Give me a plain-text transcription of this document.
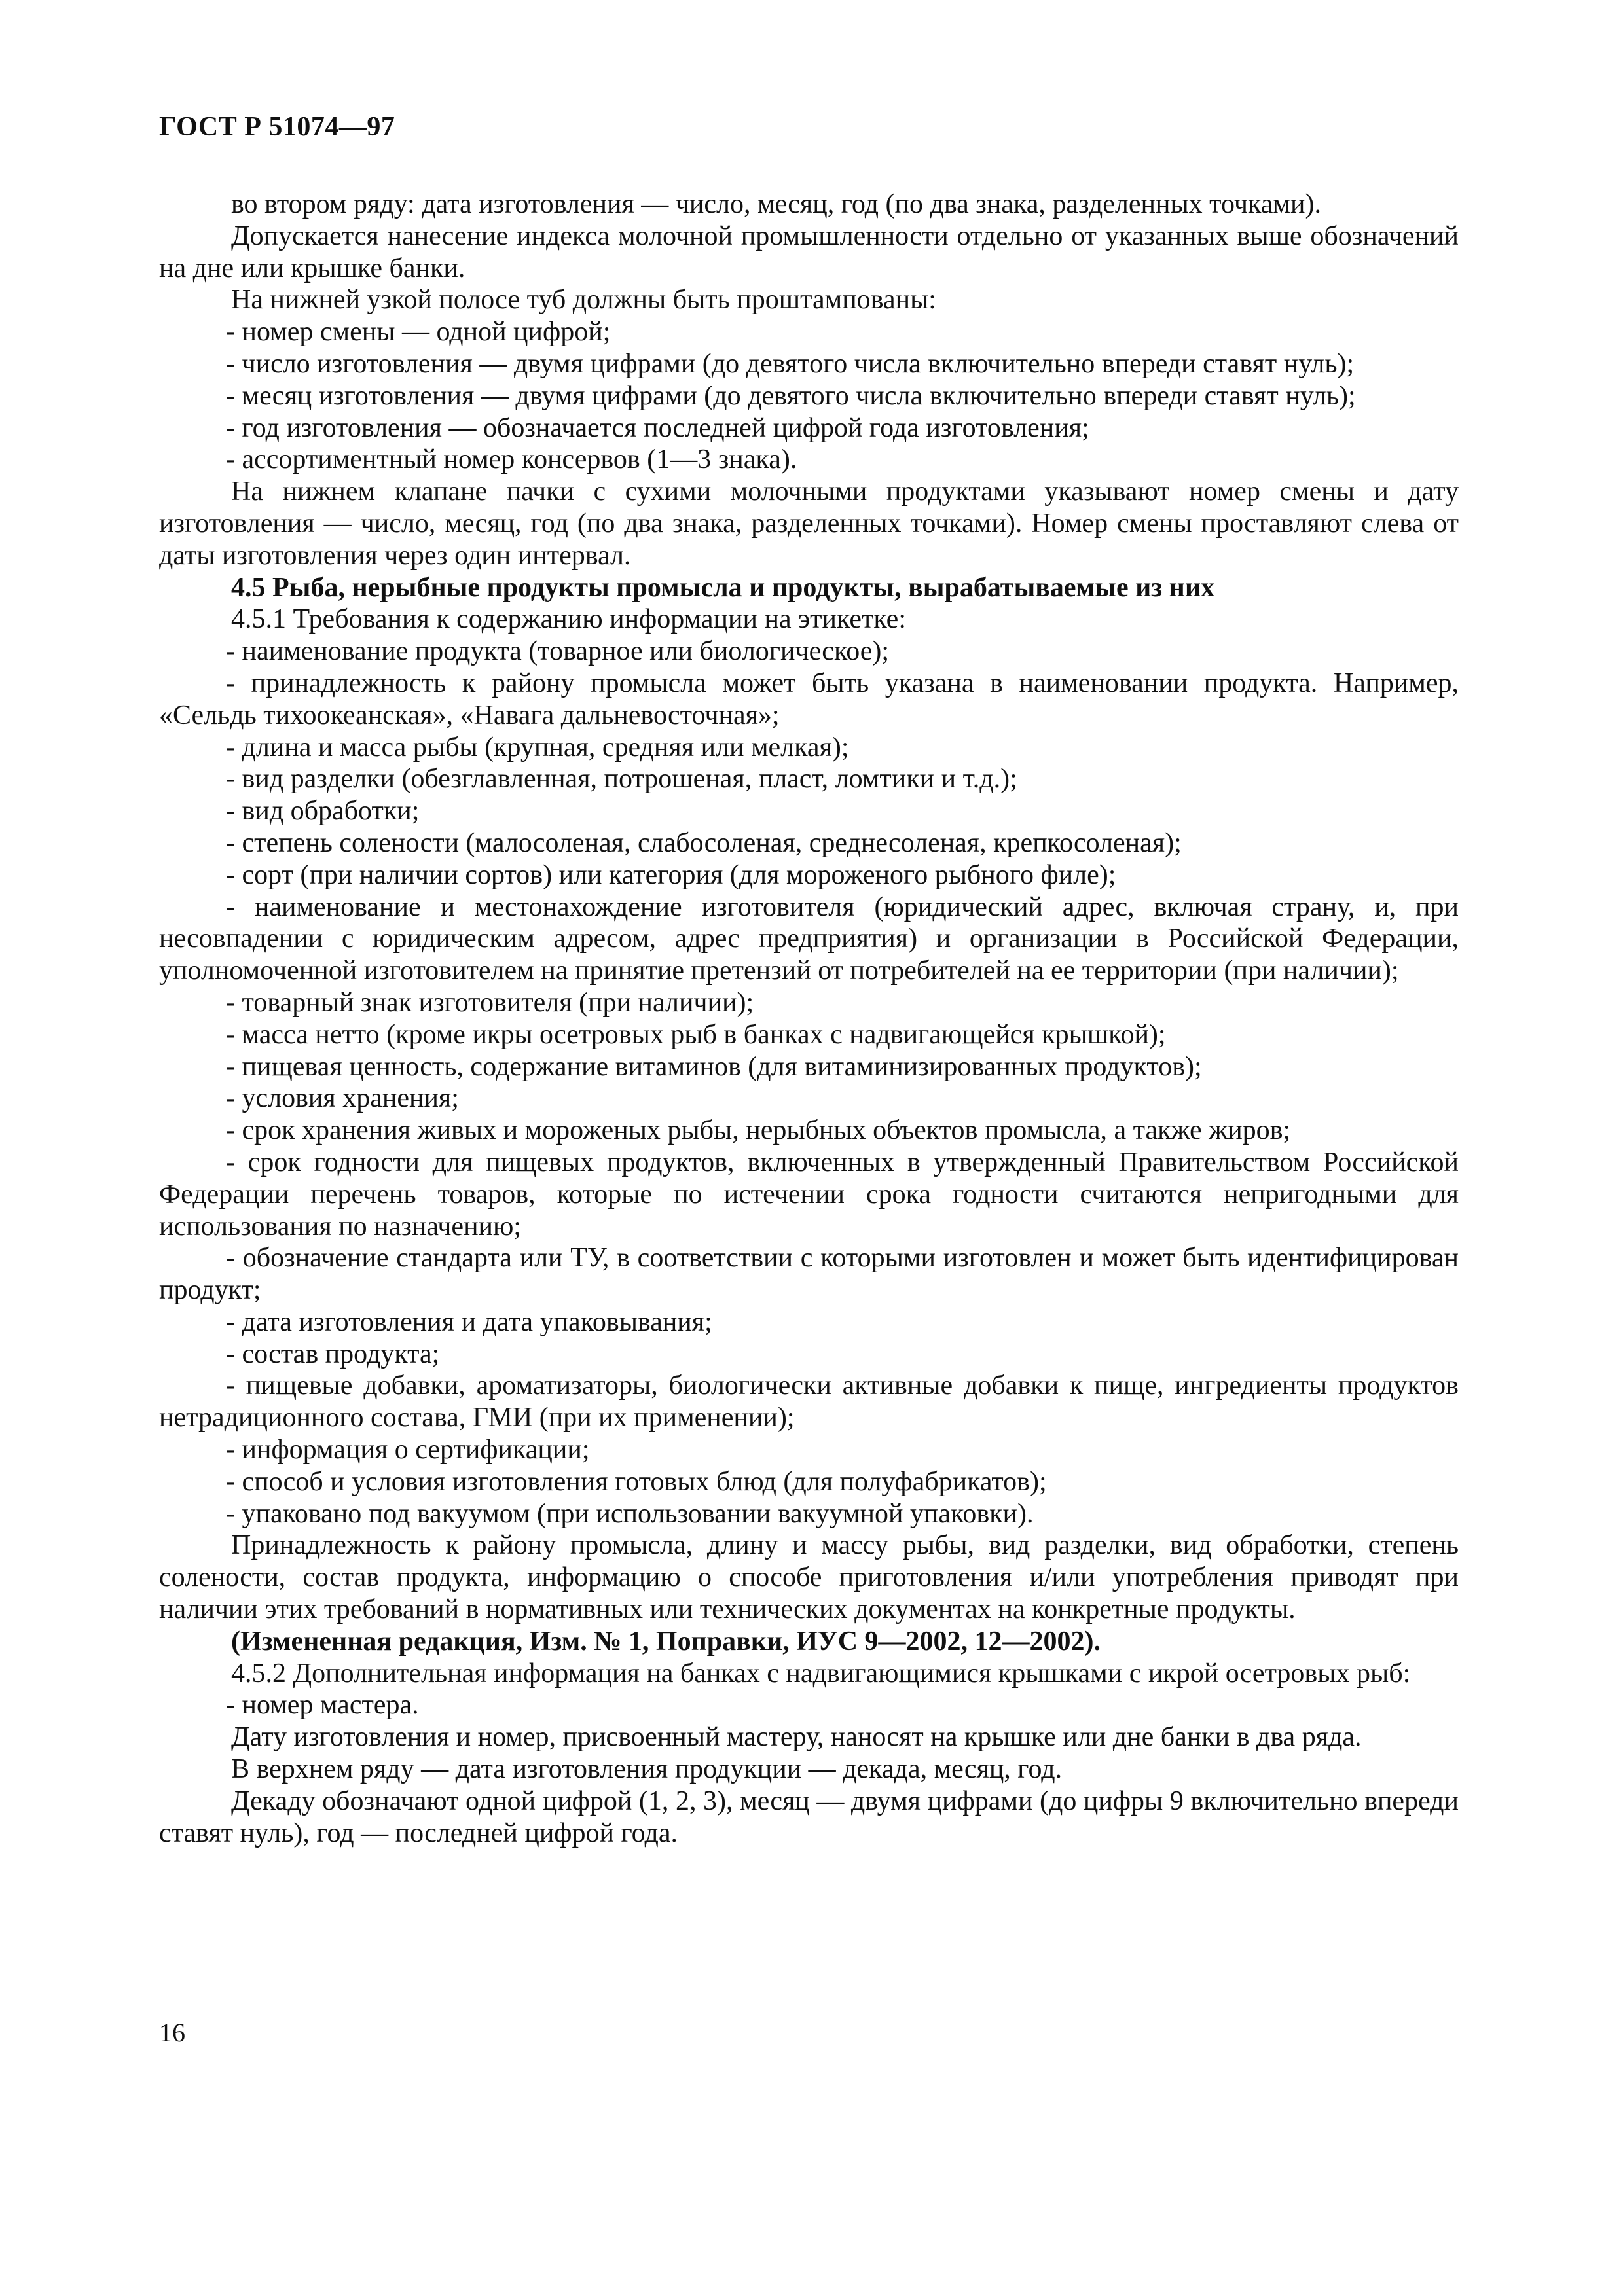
ГОСТ Р 51074—97

во втором ряду: дата изготовления — число, месяц, год (по два знака, разделенных точками).

Допускается нанесение индекса молочной промышленности отдельно от указанных выше обозначений на дне или крышке банки.

На нижней узкой полосе туб должны быть проштампованы:

- номер смены — одной цифрой;

- число изготовления — двумя цифрами (до девятого числа включительно впереди ставят нуль);

- месяц изготовления — двумя цифрами (до девятого числа включительно впереди ставят нуль);

- год изготовления — обозначается последней цифрой года изготовления;

- ассортиментный номер консервов (1—3 знака).

На нижнем клапане пачки с сухими молочными продуктами указывают номер смены и дату изготовления — число, месяц, год (по два знака, разделенных точками). Номер смены проставляют слева от даты изготовления через один интервал.

4.5 Рыба, нерыбные продукты промысла и продукты, вырабатываемые из них

4.5.1 Требования к содержанию информации на этикетке:

- наименование продукта (товарное или биологическое);

- принадлежность к району промысла может быть указана в наименовании продукта. Например, «Сельдь тихоокеанская», «Навага дальневосточная»;

- длина и масса рыбы (крупная, средняя или мелкая);

- вид разделки (обезглавленная, потрошеная, пласт, ломтики и т.д.);

- вид обработки;

- степень солености (малосоленая, слабосоленая, среднесоленая, крепкосоленая);

- сорт (при наличии сортов) или категория (для мороженого рыбного филе);

- наименование и местонахождение изготовителя (юридический адрес, включая страну, и, при несовпадении с юридическим адресом, адрес предприятия) и организации в Российской Федерации, уполномоченной изготовителем на принятие претензий от потребителей на ее территории (при наличии);

- товарный знак изготовителя (при наличии);

- масса нетто (кроме икры осетровых рыб в банках с надвигающейся крышкой);

- пищевая ценность, содержание витаминов (для витаминизированных продуктов);

- условия хранения;

- срок хранения живых и мороженых рыбы, нерыбных объектов промысла, а также жиров;

- срок годности для пищевых продуктов, включенных в утвержденный Правительством Российской Федерации перечень товаров, которые по истечении срока годности считаются непригодными для использования по назначению;

- обозначение стандарта или ТУ, в соответствии с которыми изготовлен и может быть идентифицирован продукт;

- дата изготовления и дата упаковывания;

- состав продукта;

- пищевые добавки, ароматизаторы, биологически активные добавки к пище, ингредиенты продуктов нетрадиционного состава, ГМИ (при их применении);

- информация о сертификации;

- способ и условия изготовления готовых блюд (для полуфабрикатов);

- упаковано под вакуумом (при использовании вакуумной упаковки).

Принадлежность к району промысла, длину и массу рыбы, вид разделки, вид обработки, степень солености, состав продукта, информацию о способе приготовления и/или употребления приводят при наличии этих требований в нормативных или технических документах на конкретные продукты.

(Измененная редакция, Изм. № 1, Поправки, ИУС 9—2002, 12—2002).

4.5.2 Дополнительная информация на банках с надвигающимися крышками с икрой осетровых рыб:

- номер мастера.

Дату изготовления и номер, присвоенный мастеру, наносят на крышке или дне банки в два ряда.

В верхнем ряду — дата изготовления продукции — декада, месяц, год.

Декаду обозначают одной цифрой (1, 2, 3), месяц — двумя цифрами (до цифры 9 включительно впереди ставят нуль), год — последней цифрой года.

16
